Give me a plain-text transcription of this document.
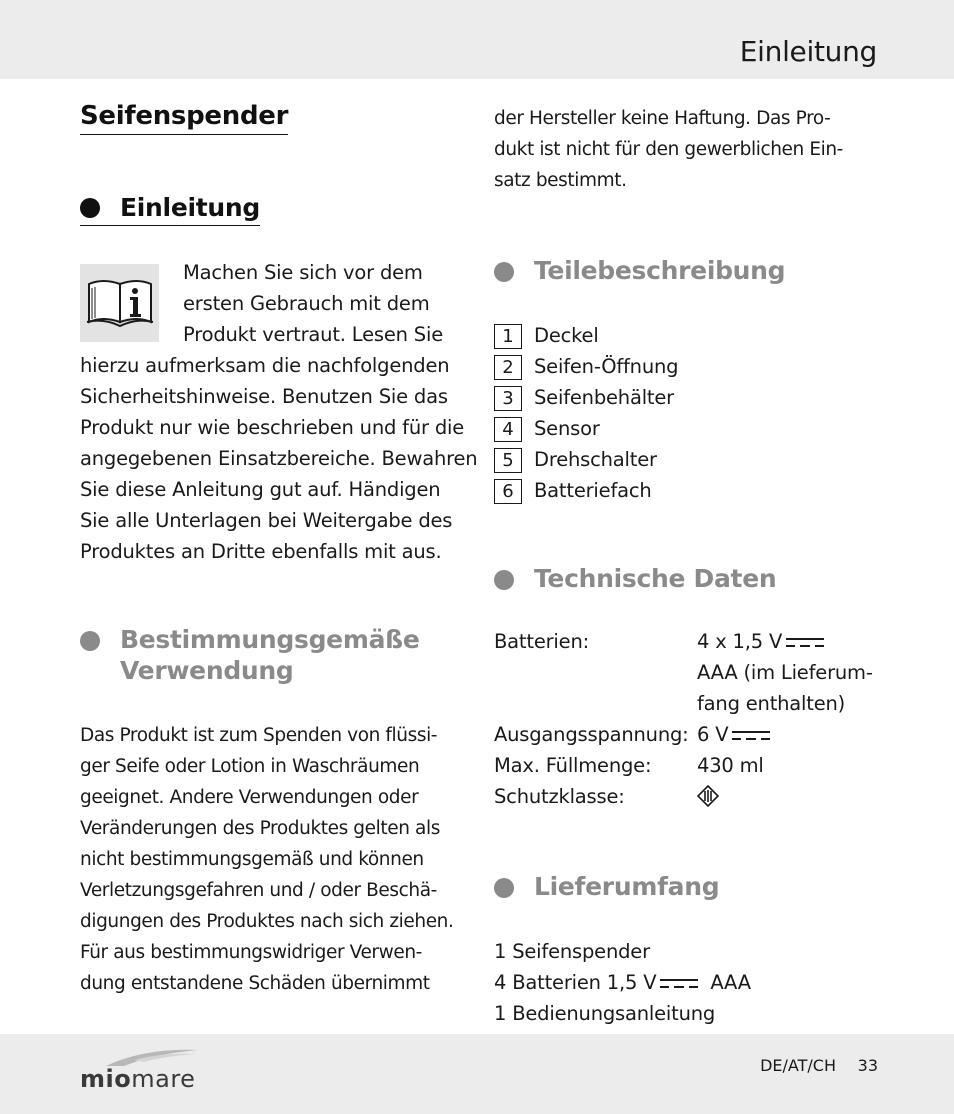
Einleitung
Seifenspender
Einleitung
Machen Sie sich vor dem
ersten Gebrauch mit dem
Produkt vertraut. Lesen Sie
hierzu aufmerksam die nachfolgenden
Sicherheitshinweise. Benutzen Sie das
Produkt nur wie beschrieben und für die
angegebenen Einsatzbereiche. Bewahren
Sie diese Anleitung gut auf. Händigen
Sie alle Unterlagen bei Weitergabe des
Produktes an Dritte ebenfalls mit aus.
Bestimmungsgemäße
Verwendung
Das Produkt ist zum Spenden von flüssi-
ger Seife oder Lotion in Waschräumen
geeignet. Andere Verwendungen oder
Veränderungen des Produktes gelten als
nicht bestimmungsgemäß und können
Verletzungsgefahren und / oder Beschä-
digungen des Produktes nach sich ziehen.
Für aus bestimmungswidriger Verwen-
dung entstandene Schäden übernimmt
der Hersteller keine Haftung. Das Pro-
dukt ist nicht für den gewerblichen Ein-
satz bestimmt.
Teilebeschreibung
1	Deckel
2	Seifen-Öffnung
3	Seifenbehälter
4	Sensor
5	Drehschalter
6	Batteriefach
Technische Daten
Batterien:	4 x 1,5 V
AAA (im Lieferum-
fang enthalten)
Ausgangsspannung: 6 V
Max. Füllmenge: 430 ml
Schutzklasse:
Lieferumfang
1 Seifenspender
4 Batterien 1,5 V	AAA
1 Bedienungsanleitung
miomare	DE/AT/CH 33
